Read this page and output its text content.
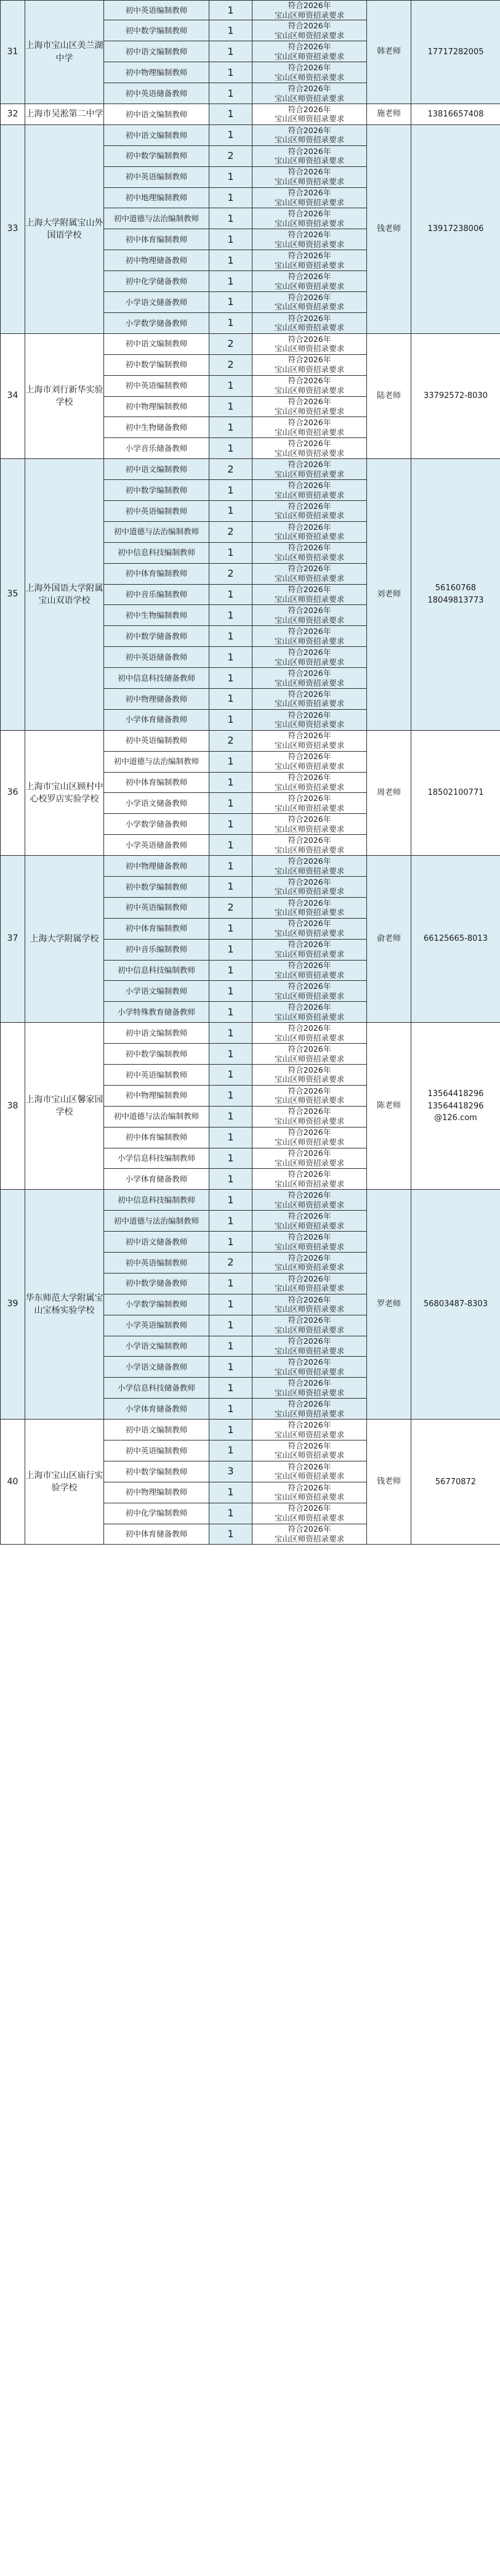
31	上海市宝山区美兰湖中学	初中英语编制教师	1	符合2026年
宝山区师资招录要求	韩老师	17717282005

		初中数学编制教师	1	符合2026年
宝山区师资招录要求		

		初中语文编制教师	1	符合2026年
宝山区师资招录要求		

		初中物理编制教师	1	符合2026年
宝山区师资招录要求		

		初中英语储备教师	1	符合2026年
宝山区师资招录要求		

32	上海市吴淞第二中学	初中语文编制教师	1	符合2026年
宝山区师资招录要求	施老师	13816657408

33	上海大学附属宝山外国语学校	初中语文编制教师	1	符合2026年
宝山区师资招录要求	钱老师	13917238006

		初中数学编制教师	2	符合2026年
宝山区师资招录要求		

		初中英语编制教师	1	符合2026年
宝山区师资招录要求		

		初中地理编制教师	1	符合2026年
宝山区师资招录要求		

		初中道德与法治编制教师	1	符合2026年
宝山区师资招录要求		

		初中体育编制教师	1	符合2026年
宝山区师资招录要求		

		初中物理储备教师	1	符合2026年
宝山区师资招录要求		

		初中化学储备教师	1	符合2026年
宝山区师资招录要求		

		小学语文储备教师	1	符合2026年
宝山区师资招录要求		

		小学数学储备教师	1	符合2026年
宝山区师资招录要求		

34	上海市刘行新华实验学校	初中语文编制教师	2	符合2026年
宝山区师资招录要求	陆老师	33792572-8030

		初中数学编制教师	2	符合2026年
宝山区师资招录要求		

		初中英语编制教师	1	符合2026年
宝山区师资招录要求		

		初中物理编制教师	1	符合2026年
宝山区师资招录要求		

		初中生物储备教师	1	符合2026年
宝山区师资招录要求		

		小学音乐储备教师	1	符合2026年
宝山区师资招录要求		

35	上海外国语大学附属宝山双语学校	初中语文编制教师	2	符合2026年
宝山区师资招录要求	刘老师	56160768
18049813773

		初中数学编制教师	1	符合2026年
宝山区师资招录要求		

		初中英语编制教师	1	符合2026年
宝山区师资招录要求		

		初中道德与法治编制教师	2	符合2026年
宝山区师资招录要求		

		初中信息科技编制教师	1	符合2026年
宝山区师资招录要求		

		初中体育编制教师	2	符合2026年
宝山区师资招录要求		

		初中音乐编制教师	1	符合2026年
宝山区师资招录要求		

		初中生物编制教师	1	符合2026年
宝山区师资招录要求		

		初中数学储备教师	1	符合2026年
宝山区师资招录要求		

		初中英语储备教师	1	符合2026年
宝山区师资招录要求		

		初中信息科技储备教师	1	符合2026年
宝山区师资招录要求		

		初中物理储备教师	1	符合2026年
宝山区师资招录要求		

		小学体育储备教师	1	符合2026年
宝山区师资招录要求		

36	上海市宝山区顾村中心校罗店实验学校	初中英语编制教师	2	符合2026年
宝山区师资招录要求	周老师	18502100771

		初中道德与法治编制教师	1	符合2026年
宝山区师资招录要求		

		初中体育编制教师	1	符合2026年
宝山区师资招录要求		

		小学语文储备教师	1	符合2026年
宝山区师资招录要求		

		小学数学储备教师	1	符合2026年
宝山区师资招录要求		

		小学英语储备教师	1	符合2026年
宝山区师资招录要求		

37	上海大学附属学校	初中物理储备教师	1	符合2026年
宝山区师资招录要求	俞老师	66125665-8013

		初中数学编制教师	1	符合2026年
宝山区师资招录要求		

		初中英语编制教师	2	符合2026年
宝山区师资招录要求		

		初中体育编制教师	1	符合2026年
宝山区师资招录要求		

		初中音乐编制教师	1	符合2026年
宝山区师资招录要求		

		初中信息科技编制教师	1	符合2026年
宝山区师资招录要求		

		小学语文编制教师	1	符合2026年
宝山区师资招录要求		

		小学特殊教育储备教师	1	符合2026年
宝山区师资招录要求		

38	上海市宝山区馨家园学校	初中语文编制教师	1	符合2026年
宝山区师资招录要求	陈老师	13564418296
13564418296
@126.com

		初中数学编制教师	1	符合2026年
宝山区师资招录要求		

		初中英语编制教师	1	符合2026年
宝山区师资招录要求		

		初中物理编制教师	1	符合2026年
宝山区师资招录要求		

		初中道德与法治编制教师	1	符合2026年
宝山区师资招录要求		

		初中体育编制教师	1	符合2026年
宝山区师资招录要求		

		小学信息科技编制教师	1	符合2026年
宝山区师资招录要求		

		小学体育储备教师	1	符合2026年
宝山区师资招录要求		

39	华东师范大学附属宝山宝杨实验学校	初中信息科技编制教师	1	符合2026年
宝山区师资招录要求	罗老师	56803487-8303

		初中道德与法治编制教师	1	符合2026年
宝山区师资招录要求		

		初中语文储备教师	1	符合2026年
宝山区师资招录要求		

		初中英语编制教师	2	符合2026年
宝山区师资招录要求		

		初中数学储备教师	1	符合2026年
宝山区师资招录要求		

		小学数学编制教师	1	符合2026年
宝山区师资招录要求		

		小学英语编制教师	1	符合2026年
宝山区师资招录要求		

		小学语文编制教师	1	符合2026年
宝山区师资招录要求		

		小学语文储备教师	1	符合2026年
宝山区师资招录要求		

		小学信息科技储备教师	1	符合2026年
宝山区师资招录要求		

		小学体育储备教师	1	符合2026年
宝山区师资招录要求		

40	上海市宝山区庙行实验学校	初中语文编制教师	1	符合2026年
宝山区师资招录要求	钱老师	56770872

		初中英语编制教师	1	符合2026年
宝山区师资招录要求		

		初中数学编制教师	3	符合2026年
宝山区师资招录要求		

		初中物理编制教师	1	符合2026年
宝山区师资招录要求		

		初中化学编制教师	1	符合2026年
宝山区师资招录要求		

		初中体育储备教师	1	符合2026年
宝山区师资招录要求		
